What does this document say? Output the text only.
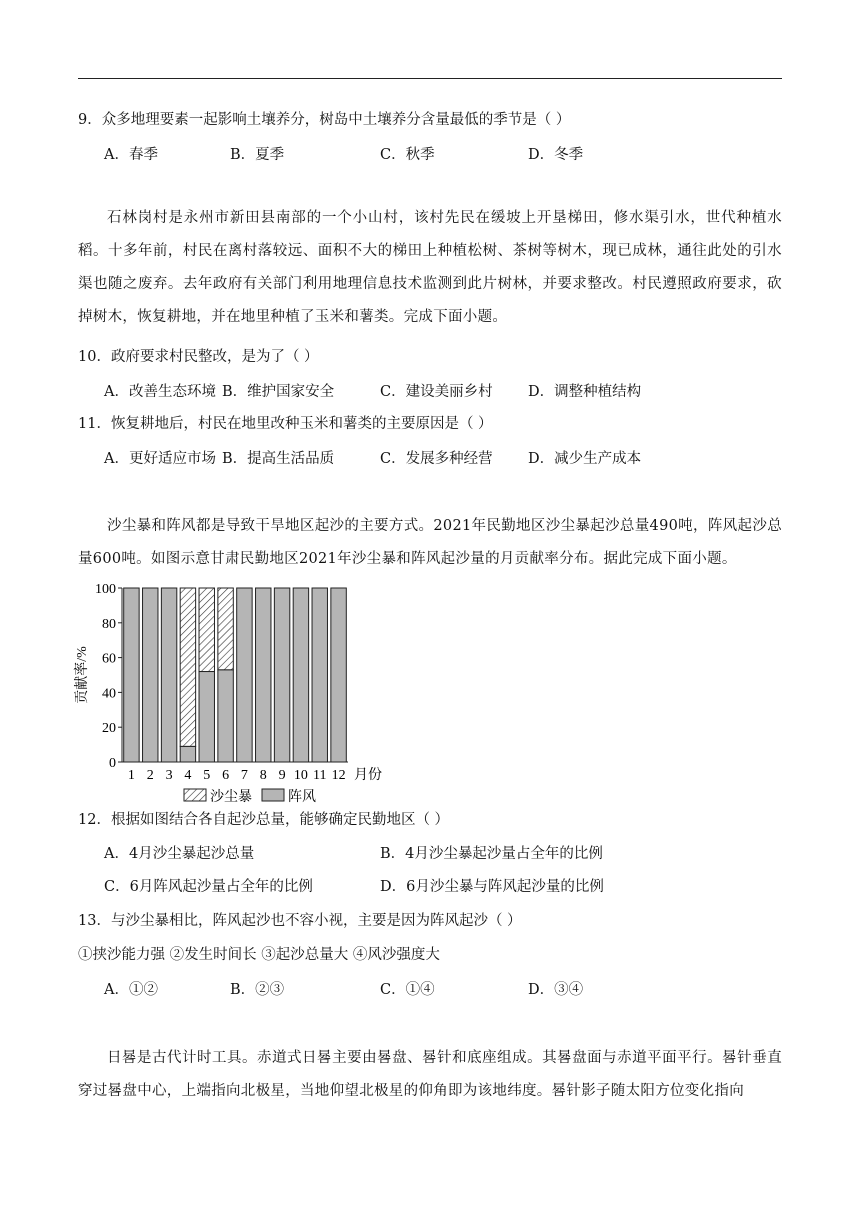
9．众多地理要素一起影响土壤养分，树岛中土壤养分含量最低的季节是（ ）
A．春季	B．夏季	C．秋季	D．冬季
石林岗村是永州市新田县南部的一个小山村，该村先民在缓坡上开垦梯田，修水渠引水，世代种植水稻。十多年前，村民在离村落较远、面积不大的梯田上种植松树、茶树等树木，现已成林，通往此处的引水渠也随之废弃。去年政府有关部门利用地理信息技术监测到此片树林，并要求整改。村民遵照政府要求，砍掉树木，恢复耕地，并在地里种植了玉米和薯类。完成下面小题。
10．政府要求村民整改，是为了（ ）
A．改善生态环境 B．维护国家安全	C．建设美丽乡村 D．调整种植结构
11．恢复耕地后，村民在地里改种玉米和薯类的主要原因是（ ）
A．更好适应市场 B．提高生活品质	C．发展多种经营 D．减少生产成本
沙尘暴和阵风都是导致干旱地区起沙的主要方式。2021年民勤地区沙尘暴起沙总量490吨，阵风起沙总量600吨。如图示意甘肃民勤地区2021年沙尘暴和阵风起沙量的月贡献率分布。据此完成下面小题。
1 2 3 4 5 6 7 8 9 10 11 12
0
20
40
60
80
100
贡献率/%
月份
沙尘暴	阵风
12．根据如图结合各自起沙总量，能够确定民勤地区（ ）
A．4月沙尘暴起沙总量	B．4月沙尘暴起沙量占全年的比例
C．6月阵风起沙量占全年的比例	D．6月沙尘暴与阵风起沙量的比例
13．与沙尘暴相比，阵风起沙也不容小视，主要是因为阵风起沙（ ）
①挟沙能力强 ②发生时间长 ③起沙总量大 ④风沙强度大
A．①②	B．②③	C．①④	D．③④
日晷是古代计时工具。赤道式日晷主要由晷盘、晷针和底座组成。其晷盘面与赤道平面平行。晷针垂直穿过晷盘中心，上端指向北极星，当地仰望北极星的仰角即为该地纬度。晷针影子随太阳方位变化指向
